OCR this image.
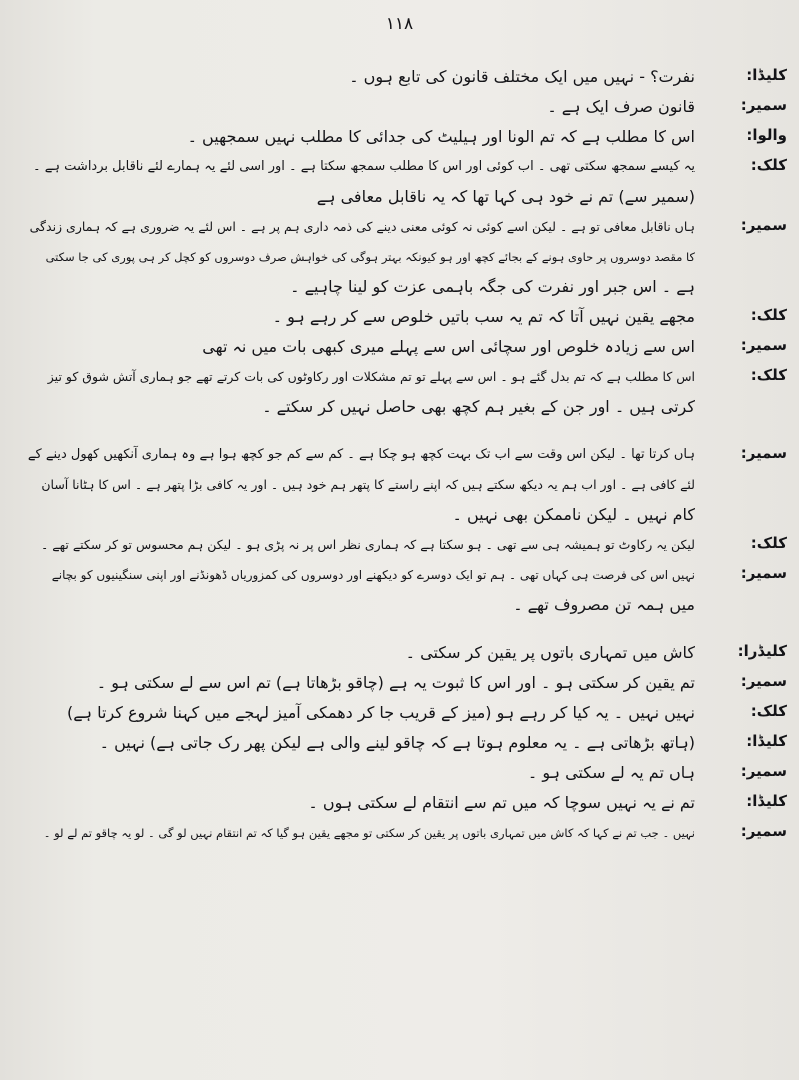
۱۱۸
کلیڈا:
نفرت؟ - نہیں میں ایک مختلف قانون کی تابع ہوں ۔
سمیر:
قانون صرف ایک ہے ۔
والوا:
اس کا مطلب ہے کہ تم الونا اور ہیلیٹ کی جدائی کا مطلب نہیں سمجھیں ۔
کلک:
یہ کیسے سمجھ سکتی تھی ۔ اب کوئی اور اس کا مطلب سمجھ سکتا ہے ۔ اور اسی لئے یہ ہمارے لئے ناقابل برداشت ہے ۔
(سمیر سے) تم نے خود ہی کہا تھا کہ یہ ناقابل معافی ہے
سمیر:
ہاں ناقابل معافی تو ہے ۔ لیکن اسے کوئی نہ کوئی معنی دینے کی ذمہ داری ہم پر ہے ۔ اس لئے یہ ضروری ہے کہ ہماری زندگی
کا مقصد دوسروں پر حاوی ہونے کے بجائے کچھ اور ہو کیونکہ بہتر ہوگی کی خواہش صرف دوسروں کو کچل کر ہی پوری کی جا سکتی
ہے ۔ اس جبر اور نفرت کی جگہ باہمی عزت کو لینا چاہیے ۔
کلک:
مجھے یقین نہیں آتا کہ تم یہ سب باتیں خلوص سے کر رہے ہو ۔
سمیر:
اس سے زیادہ خلوص اور سچائی اس سے پہلے میری کبھی بات میں نہ تھی
کلک:
اس کا مطلب ہے کہ تم بدل گئے ہو ۔ اس سے پہلے تو تم مشکلات اور رکاوٹوں کی بات کرتے تھے جو ہماری آتش شوق کو تیز
کرتی ہیں ۔ اور جن کے بغیر ہم کچھ بھی حاصل نہیں کر سکتے ۔
سمیر:
ہاں کرتا تھا ۔ لیکن اس وقت سے اب تک بہت کچھ ہو چکا ہے ۔ کم سے کم جو کچھ ہوا ہے وہ ہماری آنکھیں کھول دینے کے
لئے کافی ہے ۔ اور اب ہم یہ دیکھ سکتے ہیں کہ اپنے راستے کا پتھر ہم خود ہیں ۔ اور یہ کافی بڑا پتھر ہے ۔ اس کا ہٹانا آسان
کام نہیں ۔ لیکن ناممکن بھی نہیں ۔
کلک:
لیکن یہ رکاوٹ تو ہمیشہ ہی سے تھی ۔ ہو سکتا ہے کہ ہماری نظر اس پر نہ پڑی ہو ۔ لیکن ہم محسوس تو کر سکتے تھے ۔
سمیر:
نہیں اس کی فرصت ہی کہاں تھی ۔ ہم تو ایک دوسرے کو دیکھنے اور دوسروں کی کمزوریاں ڈھونڈنے اور اپنی سنگینیوں کو بچانے
میں ہمہ تن مصروف تھے ۔
کلیڈرا:
کاش میں تمہاری باتوں پر یقین کر سکتی ۔
سمیر:
تم یقین کر سکتی ہو ۔ اور اس کا ثبوت یہ ہے (چاقو بڑھاتا ہے) تم اس سے لے سکتی ہو ۔
کلک:
نہیں نہیں ۔ یہ کیا کر رہے ہو (میز کے قریب جا کر دھمکی آمیز لہجے میں کہنا شروع کرتا ہے)
کلیڈا:
(ہاتھ بڑھاتی ہے ۔ یہ معلوم ہوتا ہے کہ چاقو لینے والی ہے لیکن پھر رک جاتی ہے) نہیں ۔
سمیر:
ہاں تم یہ لے سکتی ہو ۔
کلیڈا:
تم نے یہ نہیں سوچا کہ میں تم سے انتقام لے سکتی ہوں ۔
سمیر:
نہیں ۔ جب تم نے کہا کہ کاش میں تمہاری باتوں پر یقین کر سکتی تو مجھے یقین ہو گیا کہ تم انتقام نہیں لو گی ۔ لو یہ چاقو تم لے لو ۔
